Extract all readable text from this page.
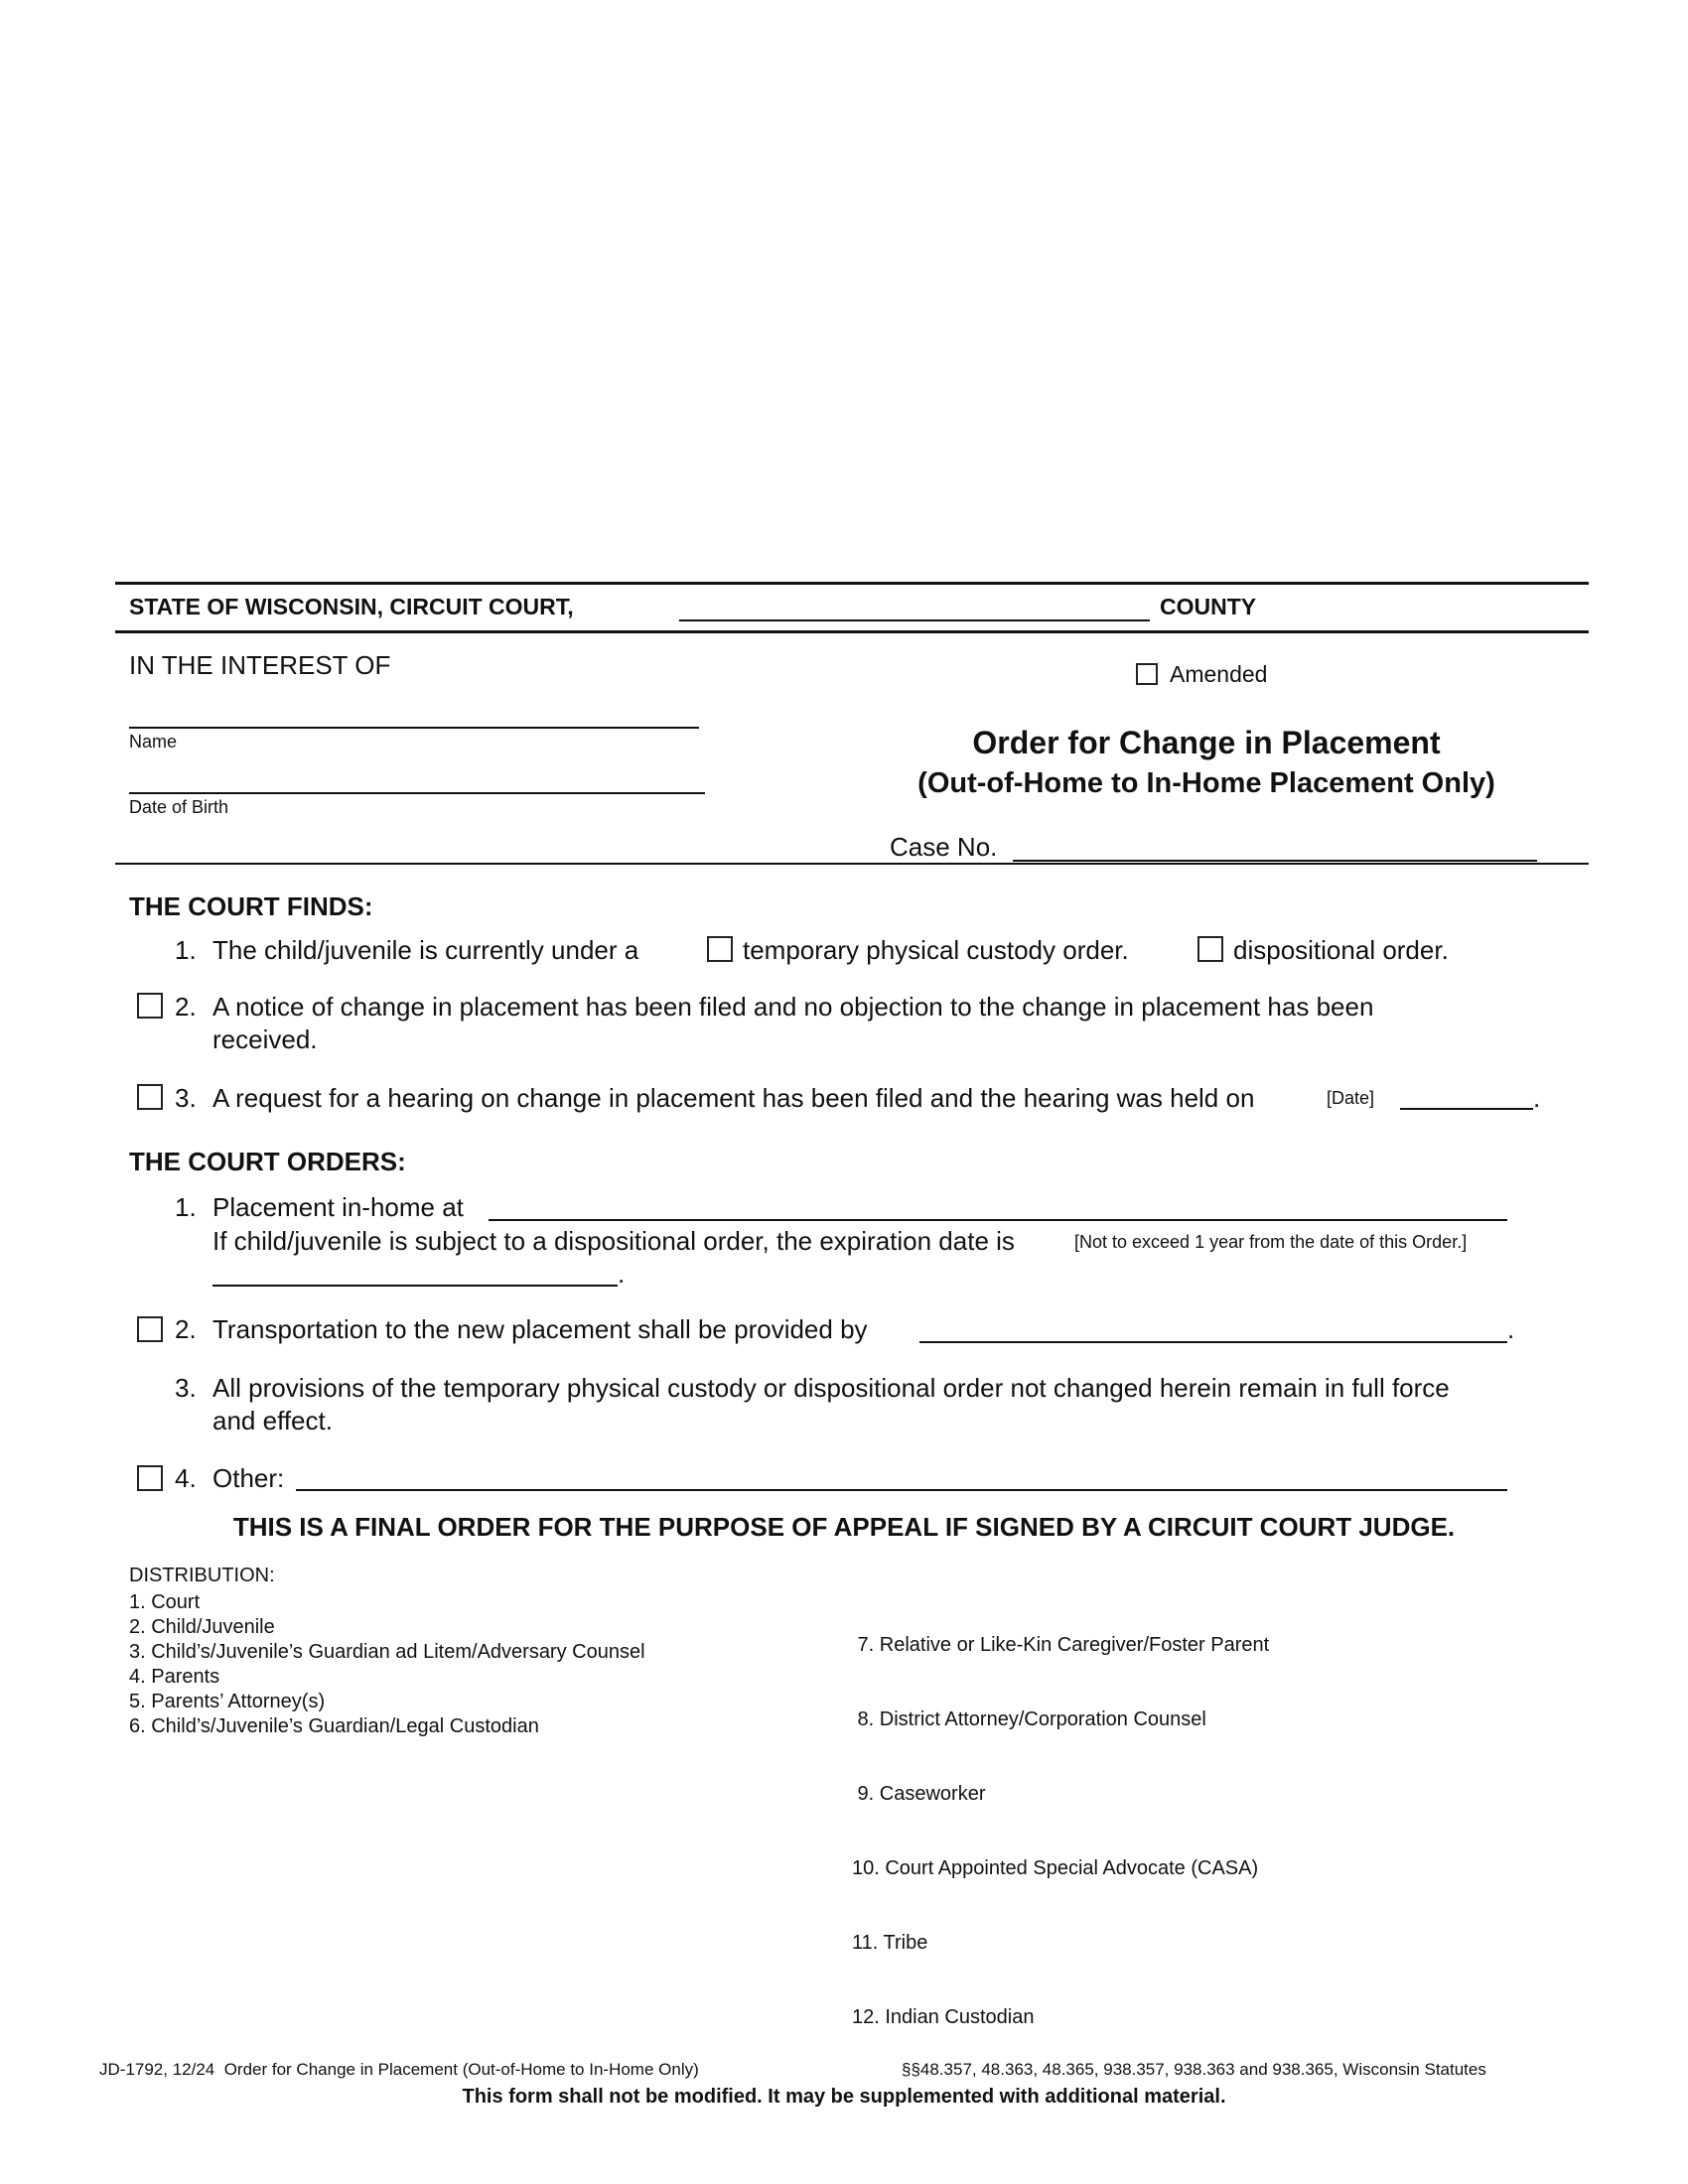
STATE OF WISCONSIN, CIRCUIT COURT,	COUNTY
IN THE INTEREST OF
Name
Date of Birth
Amended
Order for Change in Placement
(Out-of-Home to In-Home Placement Only)
Case No.
THE COURT FINDS:
1. The child/juvenile is currently under a	temporary physical custody order.	dispositional order.
2. A notice of change in placement has been filed and no objection to the change in placement has been
received.
3. A request for a hearing on change in placement has been filed and the hearing was held on	[Date]	.
THE COURT ORDERS:
1. Placement in-home at
If child/juvenile is subject to a dispositional order, the expiration date is	[Not to exceed 1 year from the date of this Order.]
.
2. Transportation to the new placement shall be provided by	.
3. All provisions of the temporary physical custody or dispositional order not changed herein remain in full force
and effect.
4. Other:
THIS IS A FINAL ORDER FOR THE PURPOSE OF APPEAL IF SIGNED BY A CIRCUIT COURT JUDGE.
DISTRIBUTION:
1. Court
2. Child/Juvenile
3. Child’s/Juvenile’s Guardian ad Litem/Adversary Counsel
4. Parents
5. Parents’ Attorney(s)
6. Child’s/Juvenile’s Guardian/Legal Custodian

7. Relative or Like-Kin Caregiver/Foster Parent

8. District Attorney/Corporation Counsel

9. Caseworker

10. Court Appointed Special Advocate (CASA)

11. Tribe

12. Indian Custodian

JD-1792, 12/24  Order for Change in Placement (Out-of-Home to In-Home Only)	§§48.357, 48.363, 48.365, 938.357, 938.363 and 938.365, Wisconsin Statutes
This form shall not be modified. It may be supplemented with additional material.
